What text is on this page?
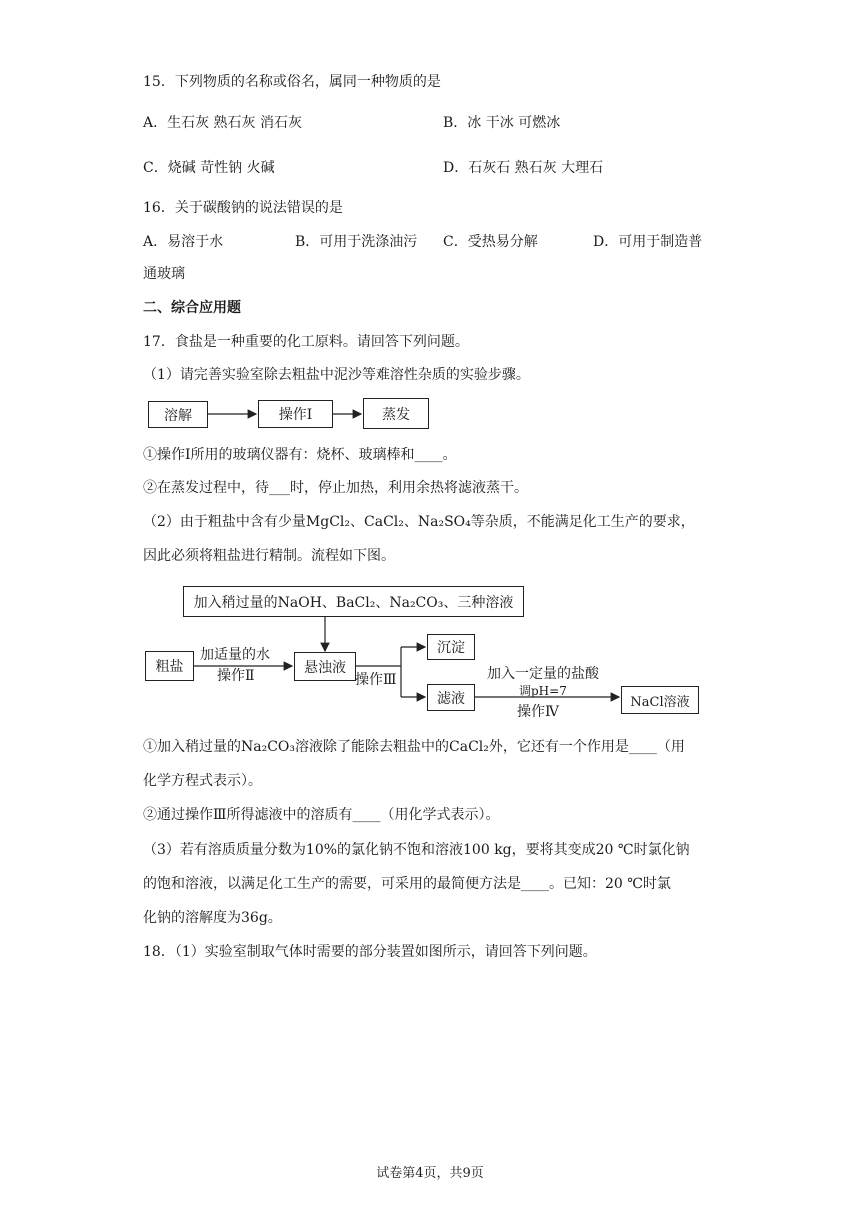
15．下列物质的名称或俗名，属同一种物质的是
A．生石灰 熟石灰 消石灰	B．冰 干冰 可燃冰
C．烧碱 苛性钠 火碱	D．石灰石 熟石灰 大理石
16．关于碳酸钠的说法错误的是
A．易溶于水	B．可用于洗涤油污 C．受热易分解	D．可用于制造普
通玻璃
二、综合应用题
17．食盐是一种重要的化工原料。请回答下列问题。
（1）请完善实验室除去粗盐中泥沙等难溶性杂质的实验步骤。
溶解	操作Ⅰ	蒸发
①操作I所用的玻璃仪器有：烧杯、玻璃棒和____。
②在蒸发过程中，待___时，停止加热，利用余热将滤液蒸干。
（2）由于粗盐中含有少量MgCl₂、CaCl₂、Na₂SO₄等杂质，不能满足化工生产的要求，
因此必须将粗盐进行精制。流程如下图。
加入稍过量的NaOH、BaCl₂、Na₂CO₃、三种溶液
粗盐
加适量的水
操作Ⅱ
悬浊液
操作Ⅲ
沉淀
滤液
加入一定量的盐酸
调pH=7
操作Ⅳ
NaCl溶液
①加入稍过量的Na₂CO₃溶液除了能除去粗盐中的CaCl₂外，它还有一个作用是____（用
化学方程式表示）。
②通过操作Ⅲ所得滤液中的溶质有____（用化学式表示）。
（3）若有溶质质量分数为10%的氯化钠不饱和溶液100 kg，要将其变成20 ℃时氯化钠
的饱和溶液，以满足化工生产的需要，可采用的最简便方法是____。已知：20 ℃时氯
化钠的溶解度为36g。
18．（1）实验室制取气体时需要的部分装置如图所示，请回答下列问题。
试卷第4页，共9页
